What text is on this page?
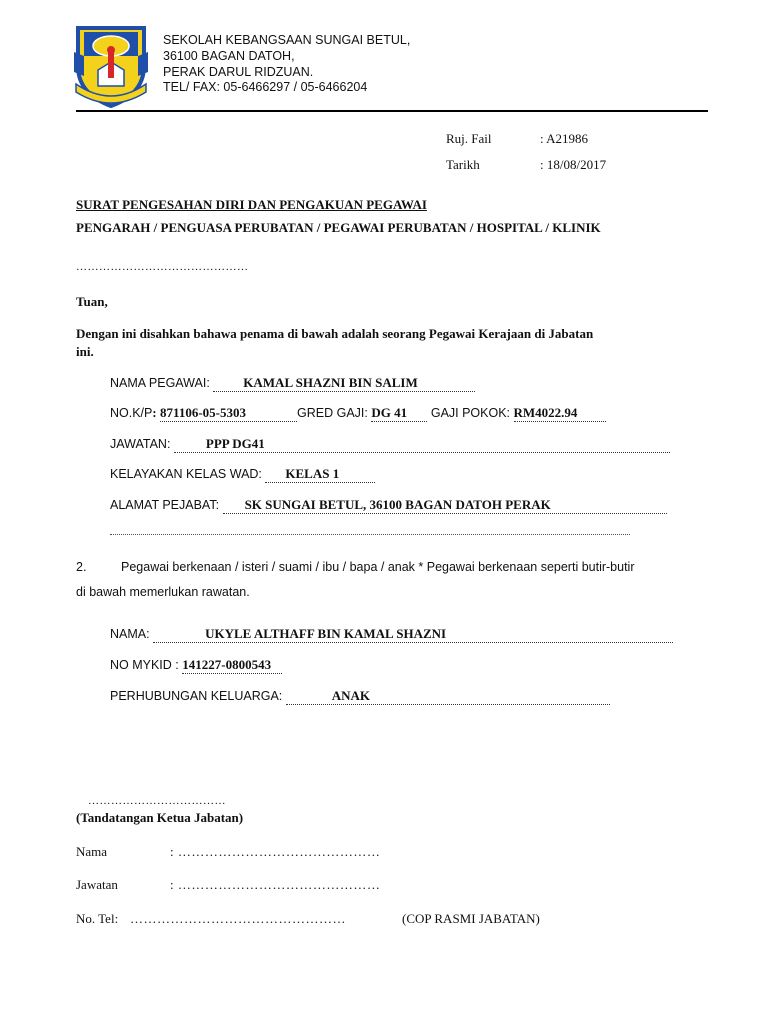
SEKOLAH KEBANGSAAN SUNGAI BETUL,
36100 BAGAN DATOH,
PERAK DARUL RIDZUAN.
TEL/ FAX: 05-6466297 / 05-6466204
Ruj. Fail	: A21986
Tarikh	: 18/08/2017
SURAT PENGESAHAN DIRI DAN PENGAKUAN PEGAWAI
PENGARAH / PENGUASA PERUBATAN / PEGAWAI PERUBATAN / HOSPITAL / KLINIK
………………………………………
Tuan,
Dengan ini disahkan bahawa penama di bawah adalah seorang Pegawai Kerajaan di Jabatan
ini.
NAMA PEGAWAI:	KAMAL SHAZNI BIN SALIM
NO.K/P: 871106-05-5303	GRED GAJI: DG 41 GAJI POKOK: RM4022.94
JAWATAN:	PPP DG41
KELAYAKAN KELAS WAD: KELAS 1
ALAMAT PEJABAT: SK SUNGAI BETUL, 36100 BAGAN DATOH PERAK
2.	Pegawai berkenaan / isteri / suami / ibu / bapa / anak * Pegawai berkenaan seperti butir-butir
di bawah memerlukan rawatan.
NAMA:	UKYLE ALTHAFF BIN KAMAL SHAZNI
NO MYKID : 141227-0800543
PERHUBUNGAN KELUARGA:	ANAK
………………………………
(Tandatangan Ketua Jabatan)
Nama	: ………………………………………
Jawatan	: ………………………………………
No. Tel: …………………………………………	(COP RASMI JABATAN)
